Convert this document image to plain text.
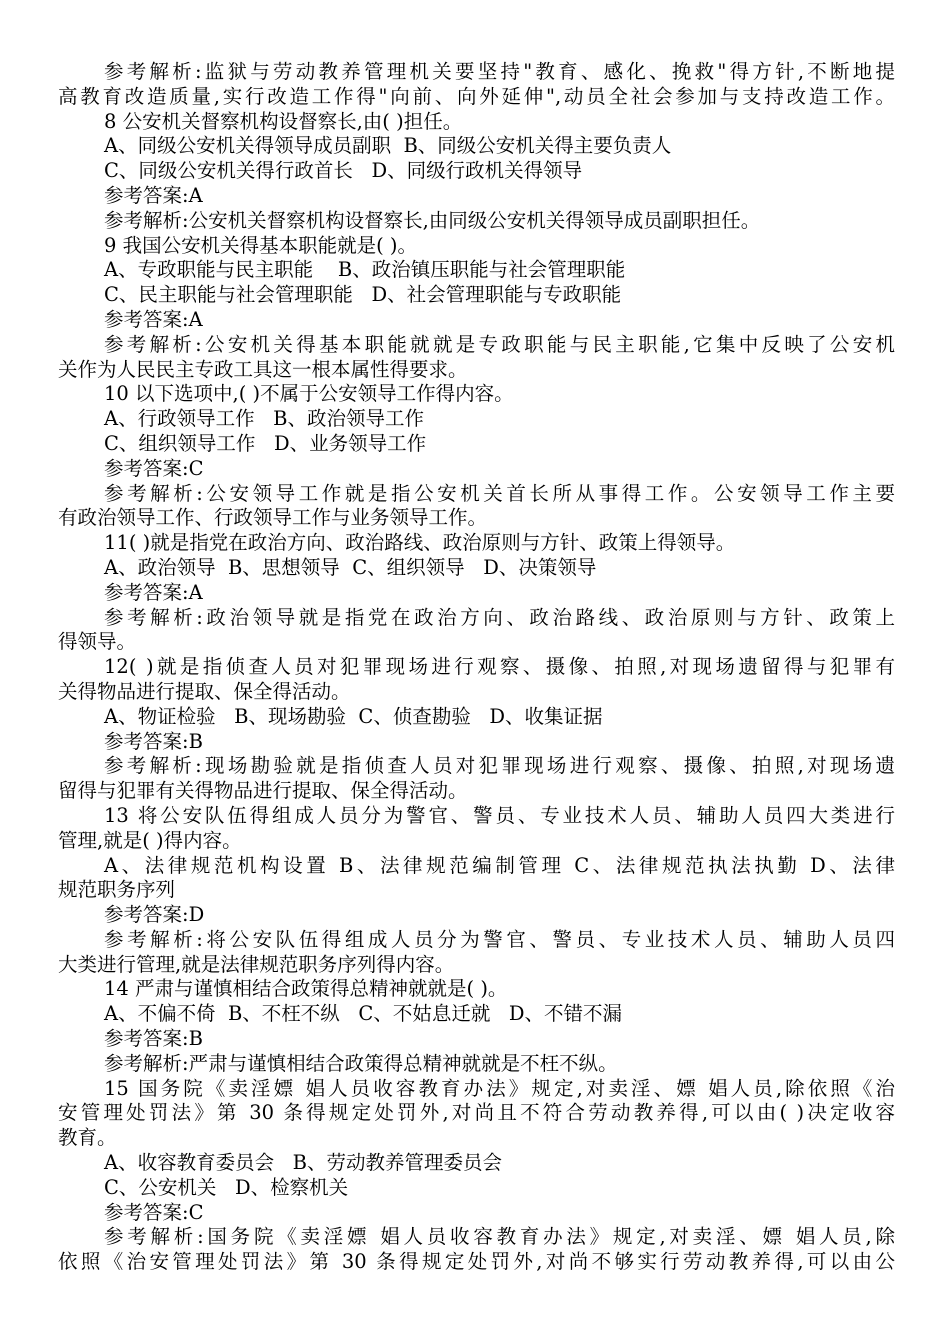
参考解析:监狱与劳动教养管理机关要坚持"教育、感化、挽救"得方针,不断地提
高教育改造质量,实行改造工作得"向前、向外延伸",动员全社会参加与支持改造工作。
8 公安机关督察机构设督察长,由( )担任。
A、同级公安机关得领导成员副职  B、同级公安机关得主要负责人
C、同级公安机关得行政首长   D、同级行政机关得领导
参考答案:A
参考解析:公安机关督察机构设督察长,由同级公安机关得领导成员副职担任。
9 我国公安机关得基本职能就是( )。
A、专政职能与民主职能    B、政治镇压职能与社会管理职能
C、民主职能与社会管理职能   D、社会管理职能与专政职能
参考答案:A
参考解析:公安机关得基本职能就就是专政职能与民主职能,它集中反映了公安机
关作为人民民主专政工具这一根本属性得要求。
10 以下选项中,( )不属于公安领导工作得内容。
A、行政领导工作   B、政治领导工作
C、组织领导工作   D、业务领导工作
参考答案:C
参考解析:公安领导工作就是指公安机关首长所从事得工作。公安领导工作主要
有政治领导工作、行政领导工作与业务领导工作。
11( )就是指党在政治方向、政治路线、政治原则与方针、政策上得领导。
A、政治领导  B、思想领导  C、组织领导   D、决策领导
参考答案:A
参考解析:政治领导就是指党在政治方向、政治路线、政治原则与方针、政策上
得领导。
12( )就是指侦查人员对犯罪现场进行观察、摄像、拍照,对现场遗留得与犯罪有
关得物品进行提取、保全得活动。
A、物证检验   B、现场勘验  C、侦查勘验   D、收集证据
参考答案:B
参考解析:现场勘验就是指侦查人员对犯罪现场进行观察、摄像、拍照,对现场遗
留得与犯罪有关得物品进行提取、保全得活动。
13 将公安队伍得组成人员分为警官、警员、专业技术人员、辅助人员四大类进行
管理,就是( )得内容。
A、法律规范机构设置 B、法律规范编制管理 C、法律规范执法执勤 D、法律
规范职务序列
参考答案:D
参考解析:将公安队伍得组成人员分为警官、警员、专业技术人员、辅助人员四
大类进行管理,就是法律规范职务序列得内容。
14 严肃与谨慎相结合政策得总精神就就是( )。
A、不偏不倚  B、不枉不纵   C、不姑息迁就   D、不错不漏
参考答案:B
参考解析:严肃与谨慎相结合政策得总精神就就是不枉不纵。
15 国务院《卖淫嫖 娼人员收容教育办法》规定,对卖淫、嫖 娼人员,除依照《治
安管理处罚法》第 30 条得规定处罚外,对尚且不符合劳动教养得,可以由( )决定收容
教育。
A、收容教育委员会   B、劳动教养管理委员会
C、公安机关   D、检察机关
参考答案:C
参考解析:国务院《卖淫嫖 娼人员收容教育办法》规定,对卖淫、嫖 娼人员,除
依照《治安管理处罚法》第 30 条得规定处罚外,对尚不够实行劳动教养得,可以由公
